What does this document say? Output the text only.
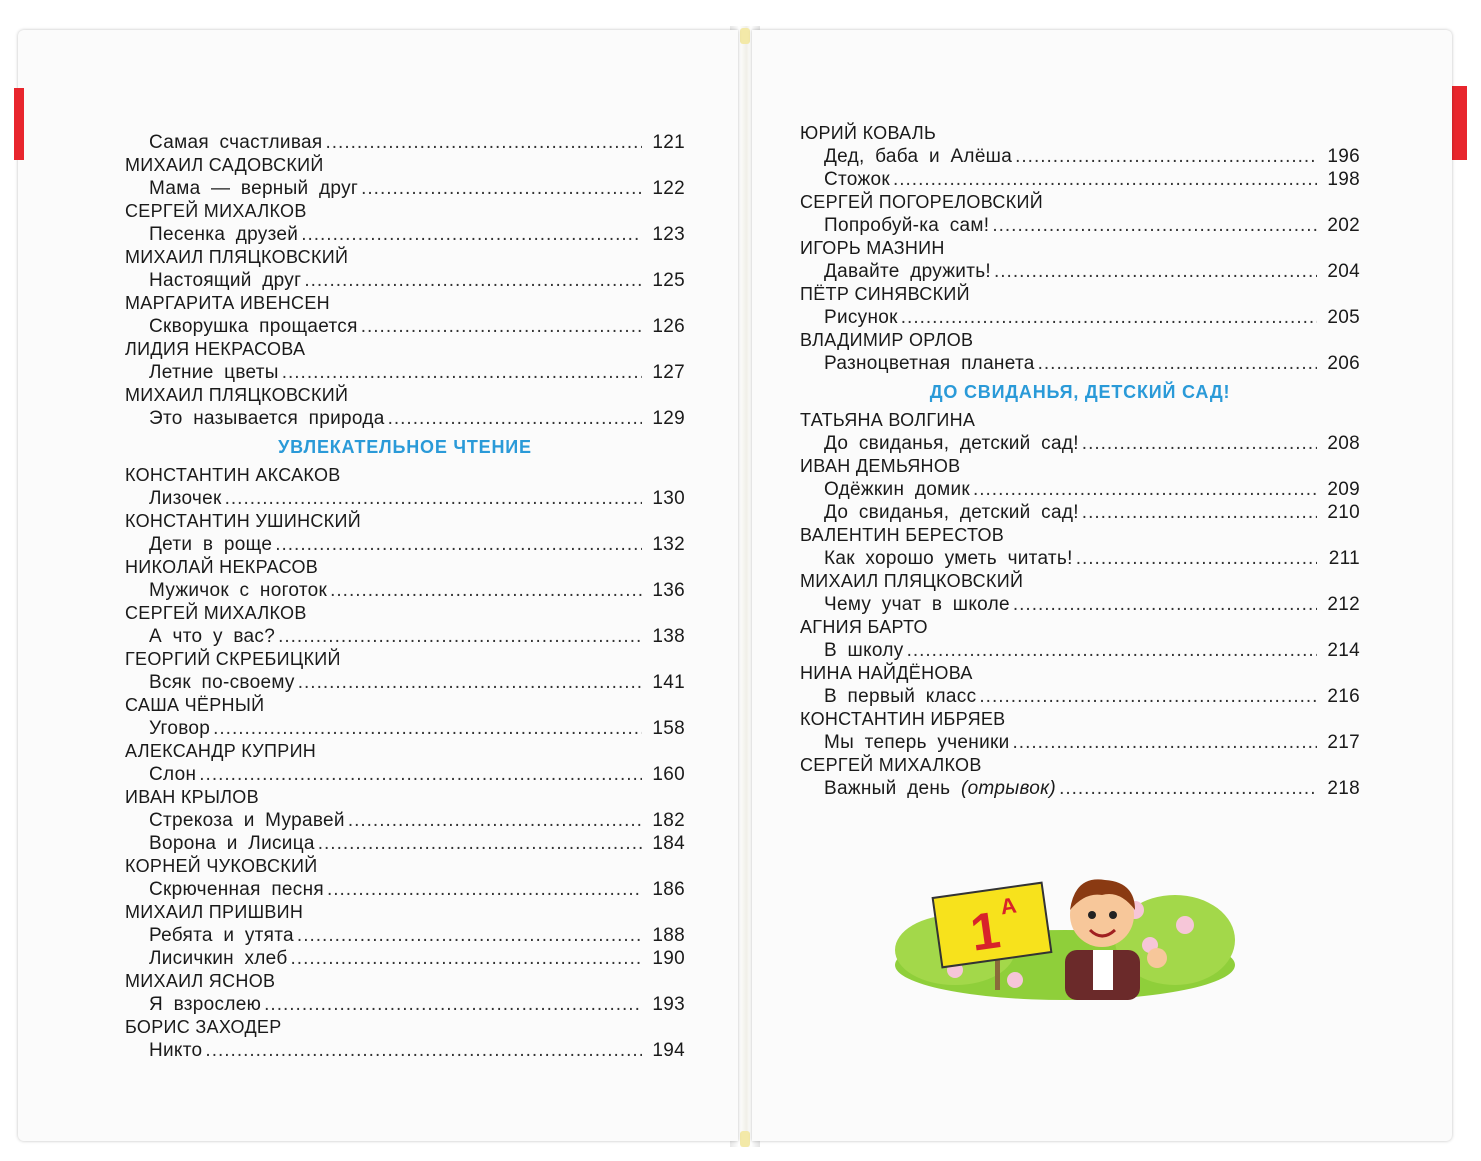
Самая счастливая .....	121
МИХАИЛ САДОВСКИЙ
Мама — верный друг .....	122
СЕРГЕЙ МИХАЛКОВ
Песенка друзей .....	123
МИХАИЛ ПЛЯЦКОВСКИЙ
Настоящий друг .....	125
МАРГАРИТА ИВЕНСЕН
Скворушка прощается .....	126
ЛИДИЯ НЕКРАСОВА
Летние цветы .....	127
МИХАИЛ ПЛЯЦКОВСКИЙ
Это называется природа .....	129
УВЛЕКАТЕЛЬНОЕ ЧТЕНИЕ
КОНСТАНТИН АКСАКОВ
Лизочек .....	130
КОНСТАНТИН УШИНСКИЙ
Дети в роще .....	132
НИКОЛАЙ НЕКРАСОВ
Мужичок с ноготок .....	136
СЕРГЕЙ МИХАЛКОВ
А что у вас? .....	138
ГЕОРГИЙ СКРЕБИЦКИЙ
Всяк по-своему .....	141
САША ЧЁРНЫЙ
Уговор .....	158
АЛЕКСАНДР КУПРИН
Слон .....	160
ИВАН КРЫЛОВ
Стрекоза и Муравей .....	182
Ворона и Лисица .....	184
КОРНЕЙ ЧУКОВСКИЙ
Скрюченная песня .....	186
МИХАИЛ ПРИШВИН
Ребята и утята .....	188
Лисичкин хлеб .....	190
МИХАИЛ ЯСНОВ
Я взрослею .....	193
БОРИС ЗАХОДЕР
Никто .....	194
ЮРИЙ КОВАЛЬ
Дед, баба и Алёша .....	196
Стожок .....	198
СЕРГЕЙ ПОГОРЕЛОВСКИЙ
Попробуй-ка сам! .....	202
ИГОРЬ МАЗНИН
Давайте дружить! .....	204
ПЁТР СИНЯВСКИЙ
Рисунок .....	205
ВЛАДИМИР ОРЛОВ
Разноцветная планета .....	206
ДО СВИДАНЬЯ, ДЕТСКИЙ САД!
ТАТЬЯНА ВОЛГИНА
До свиданья, детский сад! .....	208
ИВАН ДЕМЬЯНОВ
Одёжкин домик .....	209
До свиданья, детский сад! .....	210
ВАЛЕНТИН БЕРЕСТОВ
Как хорошо уметь читать! .....	211
МИХАИЛ ПЛЯЦКОВСКИЙ
Чему учат в школе .....	212
АГНИЯ БАРТО
В школу .....	214
НИНА НАЙДЁНОВА
В первый класс .....	216
КОНСТАНТИН ИБРЯЕВ
Мы теперь ученики .....	217
СЕРГЕЙ МИХАЛКОВ
Важный день (отрывок) .....	218
1
А
